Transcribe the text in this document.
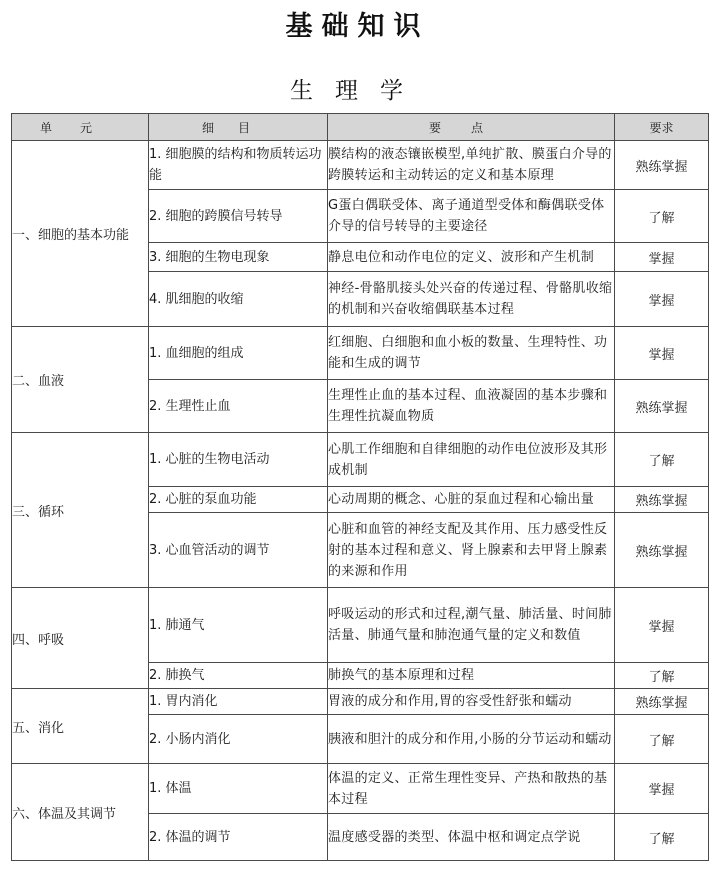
基础知识
生理学
单元	细目	要点	要求
一、细胞的基本功能	1. 细胞膜的结构和物质转运功能	膜结构的液态镶嵌模型,单纯扩散、膜蛋白介导的跨膜转运和主动转运的定义和基本原理	熟练掌握
	2. 细胞的跨膜信号转导	G蛋白偶联受体、离子通道型受体和酶偶联受体介导的信号转导的主要途径	了解
	3. 细胞的生物电现象	静息电位和动作电位的定义、波形和产生机制	掌握
	4. 肌细胞的收缩	神经-骨骼肌接头处兴奋的传递过程、骨骼肌收缩的机制和兴奋收缩偶联基本过程	掌握
二、血液	1. 血细胞的组成	红细胞、白细胞和血小板的数量、生理特性、功能和生成的调节	掌握
	2. 生理性止血	生理性止血的基本过程、血液凝固的基本步骤和生理性抗凝血物质	熟练掌握
三、循环	1. 心脏的生物电活动	心肌工作细胞和自律细胞的动作电位波形及其形成机制	了解
	2. 心脏的泵血功能	心动周期的概念、心脏的泵血过程和心输出量	熟练掌握
	3. 心血管活动的调节	心脏和血管的神经支配及其作用、压力感受性反射的基本过程和意义、肾上腺素和去甲肾上腺素的来源和作用	熟练掌握
四、呼吸	1. 肺通气	呼吸运动的形式和过程,潮气量、肺活量、时间肺活量、肺通气量和肺泡通气量的定义和数值	掌握
	2. 肺换气	肺换气的基本原理和过程	了解
五、消化	1. 胃内消化	胃液的成分和作用,胃的容受性舒张和蠕动	熟练掌握
	2. 小肠内消化	胰液和胆汁的成分和作用,小肠的分节运动和蠕动	了解
六、体温及其调节	1. 体温	体温的定义、正常生理性变异、产热和散热的基本过程	掌握
	2. 体温的调节	温度感受器的类型、体温中枢和调定点学说	了解
